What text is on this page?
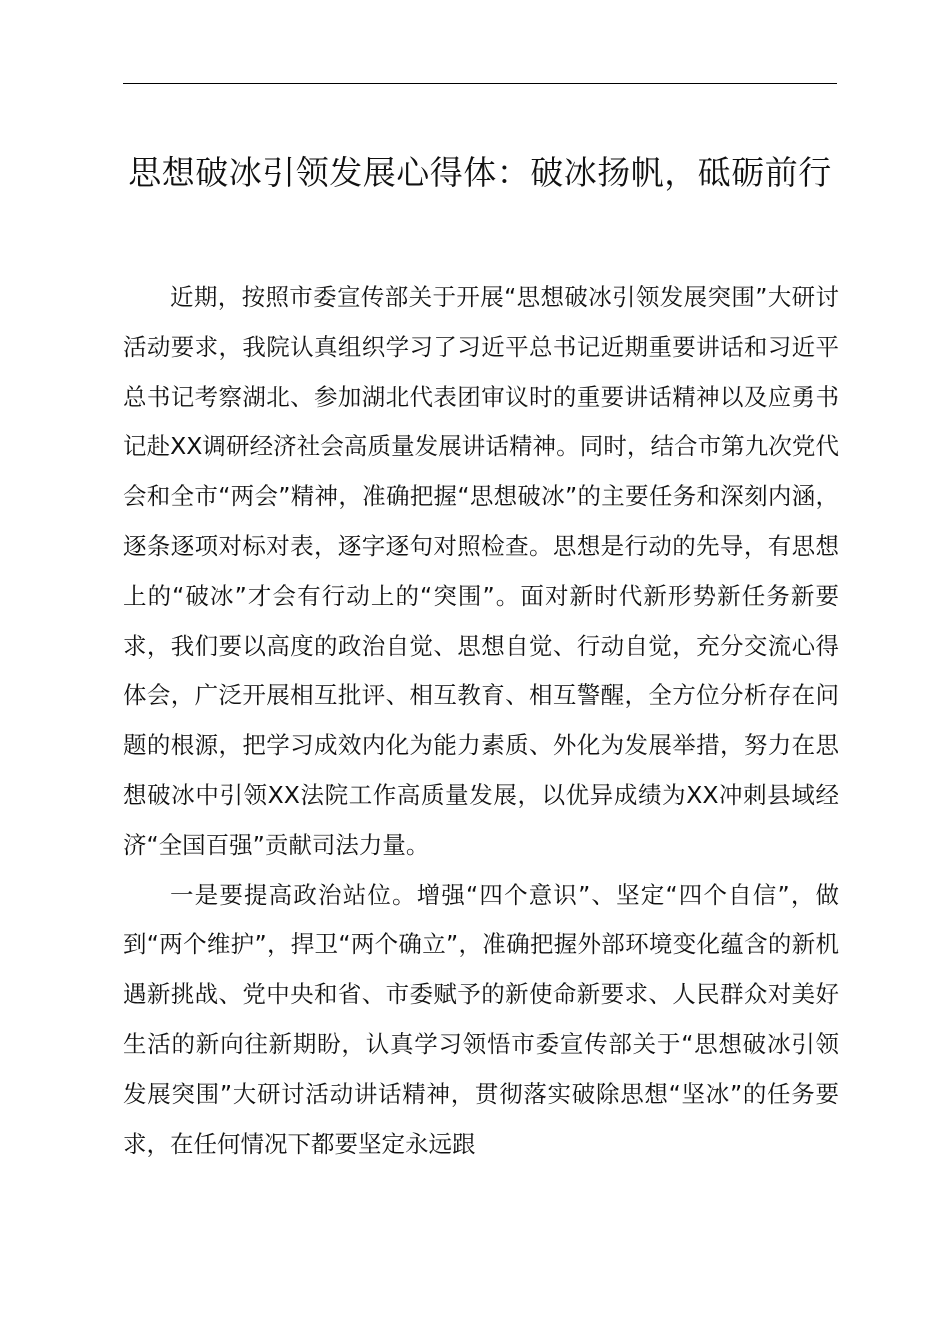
思想破冰引领发展心得体：破冰扬帆，砥砺前行

近期，按照市委宣传部关于开展“思想破冰引领发展突围”大研讨活动要求，我院认真组织学习了习近平总书记近期重要讲话和习近平总书记考察湖北、参加湖北代表团审议时的重要讲话精神以及应勇书记赴XX调研经济社会高质量发展讲话精神。同时，结合市第九次党代会和全市“两会”精神，准确把握“思想破冰”的主要任务和深刻内涵，逐条逐项对标对表，逐字逐句对照检查。思想是行动的先导，有思想上的“破冰”才会有行动上的“突围”。面对新时代新形势新任务新要求，我们要以高度的政治自觉、思想自觉、行动自觉，充分交流心得体会，广泛开展相互批评、相互教育、相互警醒，全方位分析存在问题的根源，把学习成效内化为能力素质、外化为发展举措，努力在思想破冰中引领XX法院工作高质量发展，以优异成绩为XX冲刺县域经济“全国百强”贡献司法力量。

一是要提高政治站位。增强“四个意识”、坚定“四个自信”，做到“两个维护”，捍卫“两个确立”，准确把握外部环境变化蕴含的新机遇新挑战、党中央和省、市委赋予的新使命新要求、人民群众对美好生活的新向往新期盼，认真学习领悟市委宣传部关于“思想破冰引领发展突围”大研讨活动讲话精神，贯彻落实破除思想“坚冰”的任务要求，在任何情况下都要坚定永远跟
